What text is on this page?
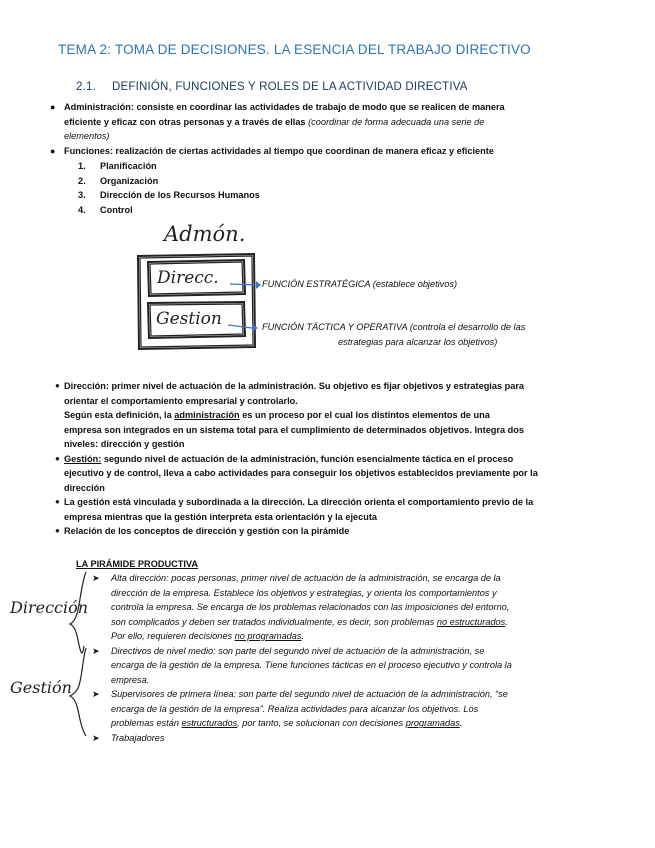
TEMA 2: TOMA DE DECISIONES. LA ESENCIA DEL TRABAJO DIRECTIVO
2.1. DEFINIÓN, FUNCIONES Y ROLES DE LA ACTIVIDAD DIRECTIVA
● Administración: consiste en coordinar las actividades de trabajo de modo que se realicen de manera
eficiente y eficaz con otras personas y a través de ellas (coordinar de forma adecuada una serie de
elementos)
● Funciones: realización de ciertas actividades al tiempo que coordinan de manera eficaz y eficiente
1. Planificación
2. Organización
3. Dirección de los Recursos Humanos
4. Control
Admón.
Direcc.
Gestion
FUNCIÓN ESTRATÉGICA (establece objetivos)
FUNCIÓN TÁCTICA Y OPERATIVA (controla el desarrollo de las
estrategias para alcanzar los objetivos)
● Dirección: primer nivel de actuación de la administración. Su objetivo es fijar objetivos y estrategias para
orientar el comportamiento empresarial y controlarlo.
Según esta definición, la administración es un proceso por el cual los distintos elementos de una
empresa son integrados en un sistema total para el cumplimiento de determinados objetivos. Integra dos
niveles: dirección y gestión
● Gestión: segundo nivel de actuación de la administración, función esencialmente táctica en el proceso
ejecutivo y de control, lleva a cabo actividades para conseguir los objetivos establecidos previamente por la
dirección
● La gestión está vinculada y subordinada a la dirección. La dirección orienta el comportamiento previo de la
empresa mientras que la gestión interpreta esta orientación y la ejecuta
● Relación de los conceptos de dirección y gestión con la pirámide
LA PIRÁMIDE PRODUCTIVA
Dirección
Gestión
➤ Alta dirección: pocas personas, primer nivel de actuación de la administración, se encarga de la
dirección de la empresa. Establece los objetivos y estrategias, y orienta los comportamientos y
controla la empresa. Se encarga de los problemas relacionados con las imposiciones del entorno,
son complicados y deben ser tratados individualmente, es decir, son problemas no estructurados.
Por ello, requieren decisiones no programadas.
➤ Directivos de nivel medio: son parte del segundo nivel de actuación de la administración, se
encarga de la gestión de la empresa. Tiene funciones tácticas en el proceso ejecutivo y controla la
empresa.
➤ Supervisores de primera línea: son parte del segundo nivel de actuación de la administración, “se
encarga de la gestión de la empresa”. Realiza actividades para alcanzar los objetivos. Los
problemas están estructurados, por tanto, se solucionan con decisiones programadas.
➤ Trabajadores
